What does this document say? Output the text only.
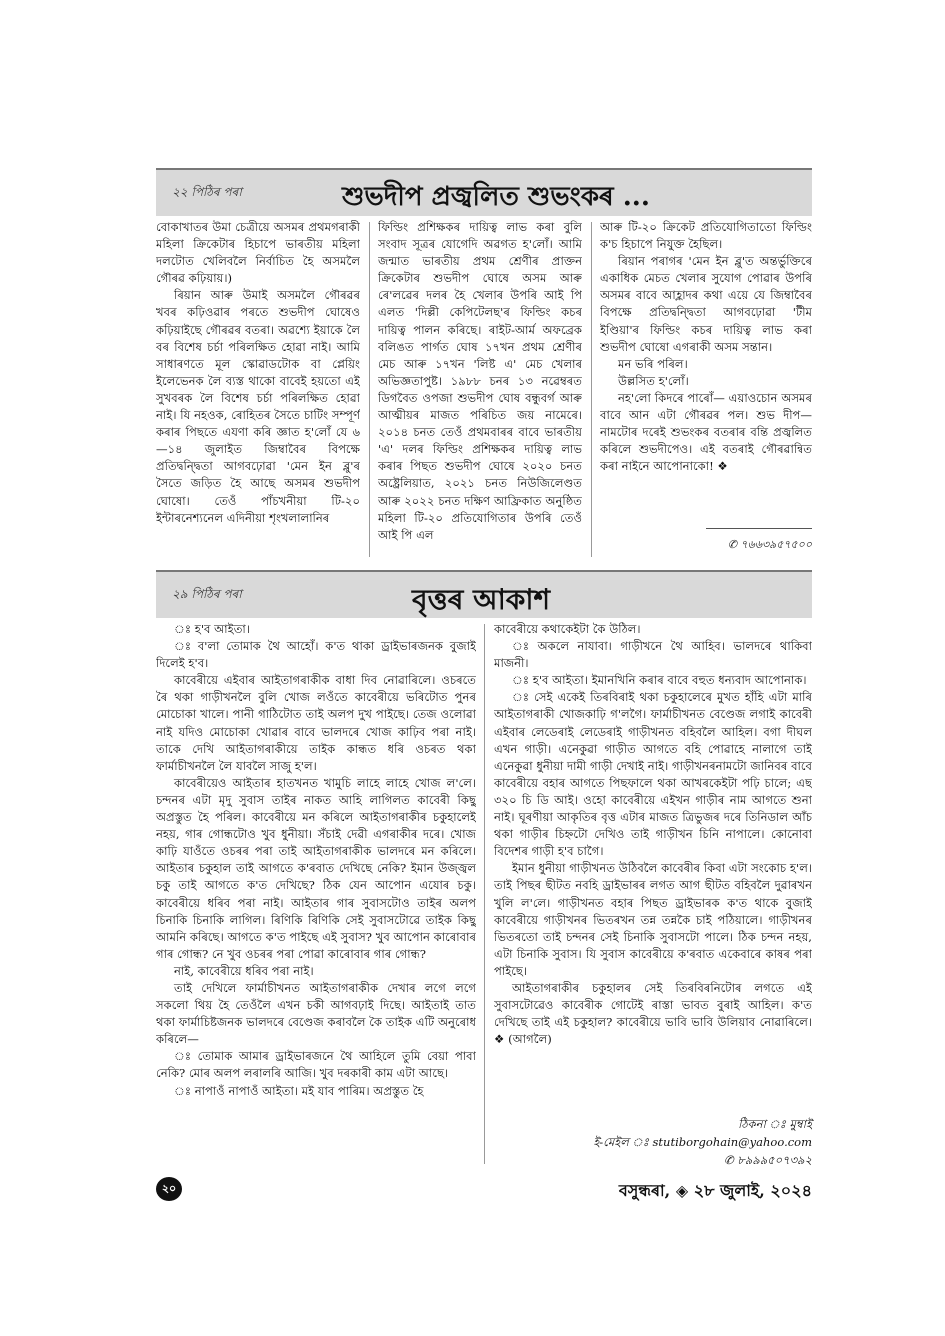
২২ পিঠিৰ পৰা	শুভদীপ প্ৰজ্বলিত শুভংকৰ ...

বোকাখাতৰ উমা চেত্ৰীয়ে অসমৰ প্ৰথমগৰাকী মহিলা ক্ৰিকেটাৰ হিচাপে ভাৰতীয় মহিলা দলটোত খেলিবলৈ নিৰ্বাচিত হৈ অসমলৈ গৌৰৱ কঢ়িয়ায়।)

ৰিয়ান আৰু উমাই অসমলৈ গৌৰৱৰ খবৰ কঢ়িওৱাৰ পৰতে শুভদীপ ঘোষেও কঢ়িয়াইছে গৌৰৱৰ বতৰা। অৱশ্যে ইয়াকে লৈ বৰ বিশেষ চৰ্চা পৰিলক্ষিত হোৱা নাই। আমি সাধাৰণতে মূল স্কোৱাডটোক বা প্লেয়িং ইলেভেনক লৈ ব্যস্ত থাকো বাবেই হয়তো এই সুখবৰক লৈ বিশেষ চৰ্চা পৰিলক্ষিত হোৱা নাই। যি নহওক, ৰোহিতৰ সৈতে চাটিং সম্পূৰ্ণ কৰাৰ পিছতে এযণা কৰি জ্ঞাত হ'লোঁ যে ৬—১৪ জুলাইত জিম্বাবৈৰ বিপক্ষে প্ৰতিদ্বন্দ্বিতা আগবঢ়োৱা 'মেন ইন ব্লু'ৰ সৈতে জড়িত হৈ আছে অসমৰ শুভদীপ ঘোষো। তেওঁ পাঁচখনীয়া টি-২০ ইন্টাৰনেশ্যনেল এদিনীয়া শৃংখলালানিৰ

ফিল্ডিং প্ৰশিক্ষকৰ দায়িত্ব লাভ কৰা বুলি সংবাদ সূত্ৰৰ যোগেদি অৱগত হ'লোঁ। আমি জন্মাত ভাৰতীয় প্ৰথম শ্ৰেণীৰ প্ৰাক্তন ক্ৰিকেটাৰ শুভদীপ ঘোষে অসম আৰু ৰে'লৱেৰ দলৰ হৈ খেলাৰ উপৰি আই পি এলত 'দিল্লী কেপিটেলছ'ৰ ফিল্ডিং কচৰ দায়িত্ব পালন কৰিছে। ৰাইট-আৰ্ম অফব্ৰেক বলিঙত পাৰ্গত ঘোষ ১৭খন প্ৰথম শ্ৰেণীৰ মেচ আৰু ১৭খন 'লিষ্ট এ' মেচ খেলাৰ অভিজ্ঞতাপুষ্ট। ১৯৮৮ চনৰ ১৩ নৱেম্বৰত ডিগবৈত ওপজা শুভদীপ ঘোষ বন্ধুবৰ্গ আৰু আত্মীয়ৰ মাজত পৰিচিত জয় নামেৰে। ২০১৪ চনত তেওঁ প্ৰথমবাৰৰ বাবে ভাৰতীয় 'এ' দলৰ ফিল্ডিং প্ৰশিক্ষকৰ দায়িত্ব লাভ কৰাৰ পিছত শুভদীপ ঘোষে ২০২০ চনত অষ্ট্ৰেলিয়াত, ২০২১ চনত নিউজিলেণ্ডত আৰু ২০২২ চনত দক্ষিণ আফ্ৰিকাত অনুষ্ঠিত মহিলা টি-২০ প্ৰতিযোগিতাৰ উপৰি তেওঁ আই পি এল

আৰু টি-২০ ক্ৰিকেট প্ৰতিযোগিতাতো ফিল্ডিং ক'চ হিচাপে নিযুক্ত হৈছিল।

ৰিয়ান পৰাগৰ 'মেন ইন ব্লু'ত অন্তৰ্ভুক্তিৰে একাধিক মেচত খেলাৰ সুযোগ পোৱাৰ উপৰি অসমৰ বাবে আহ্লাদৰ কথা এয়ে যে জিম্বাবৈৰ বিপক্ষে প্ৰতিদ্বন্দ্বিতা আগবঢ়োৱা 'টীম ইণ্ডিয়া'ৰ ফিল্ডিং কচৰ দায়িত্ব লাভ কৰা শুভদীপ ঘোষো এগৰাকী অসম সন্তান।

মন ভৰি পৰিল।

উল্লসিত হ'লোঁ।

নহ'লো কিদৰে পাৰোঁ— এয়াওচোন অসমৰ বাবে আন এটা গৌৰৱৰ পল। শুভ দীপ— নামটোৰ দৰেই শুভংকৰ বতৰাৰ বন্তি প্ৰজ্বলিত কৰিলে শুভদীপেও। এই বতৰাই গৌৰৱান্বিত কৰা নাইনে আপোনাকো! ❖

✆ ৭৬৬৩৯৫৭৫০০
২৯ পিঠিৰ পৰা	বৃত্তৰ আকাশ

ঃ হ'ব আইতা।

ঃ ব'লা তোমাক থৈ আহোঁ। ক'ত থাকা ড্ৰাইভাৰজনক বুজাই দিলেই হ'ব।

কাবেৰীয়ে এইবাৰ আইতাগৰাকীক বাধা দিব নোৱাৰিলে। ওচৰতে ৰৈ থকা গাড়ীখনলৈ বুলি খোজ লওঁতে কাবেৰীয়ে ভৰিটোত পুনৰ মোচোকা খালে। পানী গাঠিটোত তাই অলপ দুখ পাইছে। তেজ ওলোৱা নাই যদিও মোচোকা খোৱাৰ বাবে ভালদৰে খোজ কাঢ়িব পৰা নাই। তাকে দেখি আইতাগৰাকীয়ে তাইক কান্ধত ধৰি ওচৰত থকা ফাৰ্মাচীখনলৈ লৈ যাবলৈ সাজু হ'ল।

কাবেৰীয়েও আইতাৰ হাতখনত খামুচি লাহে লাহে খোজ ল'লে। চন্দনৰ এটা মৃদু সুবাস তাইৰ নাকত আহি লাগিলত কাবেৰী কিছু অপ্ৰস্তুত হৈ পৰিল। কাবেৰীয়ে মন কৰিলে আইতাগৰাকীৰ চকুহালেই নহয়, গাৰ গোন্ধটোও খুব ধুনীয়া। সঁচাই দেৱী এগৰাকীৰ দৰে। খোজ কাঢ়ি যাওঁতে ওচৰৰ পৰা তাই আইতাগৰাকীক ভালদৰে মন কৰিলে। আইতাৰ চকুহাল তাই আগতে ক'ৰবাত দেখিছে নেকি? ইমান উজ্জ্বল চকু তাই আগতে ক'ত দেখিছে? ঠিক যেন আপোন এযোৰ চকু। কাবেৰীয়ে ধৰিব পৰা নাই। আইতাৰ গাৰ সুবাসটোও তাইৰ অলপ চিনাকি চিনাকি লাগিল। ৰিণিকি ৰিণিকি সেই সুবাসটোৱে তাইক কিছু আমনি কৰিছে। আগতে ক'ত পাইছে এই সুবাস? খুব আপোন কাৰোবাৰ গাৰ গোন্ধ? নে খুব ওচৰৰ পৰা পোৱা কাৰোবাৰ গাৰ গোন্ধ?

নাই, কাবেৰীয়ে ধৰিব পৰা নাই।

তাই দেখিলে ফাৰ্মাচীখনত আইতাগৰাকীক দেখাৰ লগে লগে সকলো থিয় হৈ তেওঁলৈ এখন চকী আগবঢ়াই দিছে। আইতাই তাত থকা ফাৰ্মাচিষ্টজনক ভালদৰে বেণ্ডেজ কৰাবলৈ কৈ তাইক এটি অনুৰোধ কৰিলে—

ঃ তোমাক আমাৰ ড্ৰাইভাৰজনে থৈ আহিলে তুমি বেয়া পাবা নেকি? মোৰ অলপ লৰালৰি আজি। খুব দৰকাৰী কাম এটা আছে।

ঃ নাপাওঁ নাপাওঁ আইতা। মই যাব পাৰিম। অপ্ৰস্তুত হৈ

কাবেৰীয়ে কথাকেইটা কৈ উঠিল।

ঃ অকলে নাযাবা। গাড়ীখনে থৈ আহিব। ভালদৰে থাকিবা মাজনী।

ঃ হ'ব আইতা। ইমানখিনি কৰাৰ বাবে বহুত ধন্যবাদ আপোনাক।

ঃ সেই একেই তিৰবিৰাই থকা চকুহালেৰে মুখত হাঁহি এটা মাৰি আইতাগৰাকী খোজকাঢ়ি গ'লগৈ। ফাৰ্মাচীখনত বেণ্ডেজ লগাই কাবেৰী এইবাৰ লেডেৰাই লেডেৰাই গাড়ীখনত বহিবলৈ আহিল। বগা দীঘল এখন গাড়ী। এনেকুৱা গাড়ীত আগতে বহি পোৱাহে নালাগে তাই এনেকুৱা ধুনীয়া দামী গাড়ী দেখাই নাই। গাড়ীখনৰনামটো জানিবৰ বাবে কাবেৰীয়ে বহাৰ আগতে পিছফালে থকা আখৰকেইটা পঢ়ি চালে; এছ ৩২০ চি ডি আই। ওহো কাবেৰীয়ে এইখন গাড়ীৰ নাম আগতে শুনা নাই। ঘূৰণীয়া আকৃতিৰ বৃত্ত এটাৰ মাজত ত্ৰিভুজৰ দৰে তিনিডাল আঁচ থকা গাড়ীৰ চিহ্নটো দেখিও তাই গাড়ীখন চিনি নাপালে। কোনোবা বিদেশৰ গাড়ী হ'ব চাগৈ।

ইমান ধুনীয়া গাড়ীখনত উঠিবলৈ কাবেৰীৰ কিবা এটা সংকোচ হ'ল। তাই পিছৰ ছীটত নবহি ড্ৰাইভাৰৰ লগত আগ ছীটত বহিবলৈ দুৱাৰখন খুলি ল'লে। গাড়ীখনত বহাৰ পিছত ড্ৰাইভাৰক ক'ত থাকে বুজাই কাবেৰীয়ে গাড়ীখনৰ ভিতৰখন তন্ন তন্নকৈ চাই পঠিয়ালে। গাড়ীখনৰ ভিতৰতো তাই চন্দনৰ সেই চিনাকি সুবাসটো পালে। ঠিক চন্দন নহয়, এটা চিনাকি সুবাস। যি সুবাস কাবেৰীয়ে ক'ৰবাত একেবাৰে কাষৰ পৰা পাইছে।

আইতাগৰাকীৰ চকুহালৰ সেই তিৰবিৰনিটোৰ লগতে এই সুবাসটোৱেও কাবেৰীক গোটেই ৰাস্তা ভাবত বুৰাই আহিল। ক'ত দেখিছে তাই এই চকুহাল? কাবেৰীয়ে ভাবি ভাবি উলিয়াব নোৱাৰিলে। ❖ (আগলৈ)

ঠিকনা ঃ মুম্বাই
ই-মেইল ঃ stutiborgohain@yahoo.com
✆ ৮৯৯৯৫০৭৩৯২
২০	বসুন্ধৰা, ◈ ২৮ জুলাই, ২০২৪
